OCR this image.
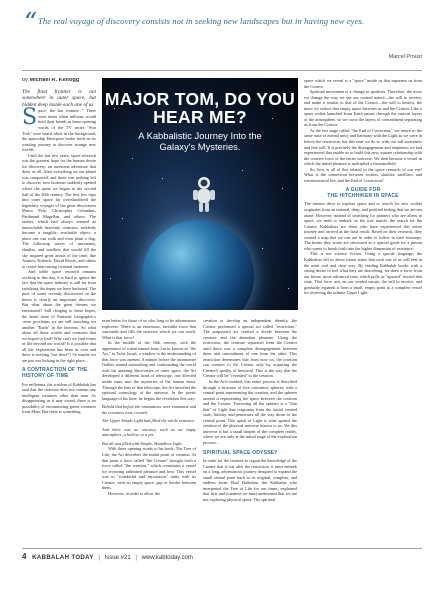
“ The real voyage of discovery consists not in seeking new landscapes but in having new eyes.
Marcel Proust
by Michael R. Kellogg

The final frontier is not somewhere in outer space, but hidden deep inside each one of us

Space, the last frontier..." There were times when millions would hold their breath as these opening words of the TV series "Star Trek" were heard while in the background, the spaceship Enterprise broke forth on its winding journey to discover strange new worlds.

Until the last few years, space research was the greatest hope for the human desire for discovery: an awesome adventure that drew us all. After everything on our planet was conquered, and there was nothing left to discover, new horizons suddenly opened where the quest we began in the second half of the 20th century. The first few trips into outer space far overshadowed the legendary voyages of the great discoverers Marco Polo, Christopher Columbus, Ferdinand Magellan, and others. The stories, which had always seemed as untouchable heavenly creatures, suddenly become a tangible, reachable object, a place one can walk and even plant a flag. The following waves of astronauts, shuttles, and satellites that would fill the sky inspired great artists of the time, like Asimov, Kubrick, David Bowie, and others to create hair-raising fictional fantasies.

And while space research remains exciting to this day, it is hard to ignore the fact that the space industry is still far from satisfying the hopes we have harbored. The pool of water recently discovered on the moon is clearly an important discovery. But what about the great dreams we envisioned? Still clinging to these hopes, the latest issue of National Geographic's cover proclaims we are still searching for another "Earth" in the heavens. So what about all those worlds and creatures that we hoped to find? Why can't we find forms of life beyond our world? Is it possible that all the exploration has been in vain and there is nothing "out there"? Or maybe we are just not looking in the right place...

A CONTRACTION OF THE HISTORY OF TIME

For millennia, the wisdom of Kabbalah has said that the universe does not contain any intelligent creatures other than man. As disappointing as it may sound, there is no possibility of encountering green creatures from Mars. But there is something

MAJOR TOM, DO YOU
HEAR ME?
A Kabbalistic Journey Into the
Galaxy's Mysteries.

even better for those of us who long to be adventurous explorers: There is an enormous, invisible force that surrounds and fills the universe which we can reach. What is that force?

In the middle of the 16th century, with the appearance of a man named Isaac Luria, known as "the Ari," in Tzfat, Israel, a window to the understanding of that force was opened. A minute before the astronomer Galileo started astonishing and confounding the world with his amazing discoveries of outer space, the Ari developed a different kind of telescope, one directed inside man, into the mysteries of the human heart. Through the lens of that telescope, the Ari unveiled the spiritual cosmology of the universe. In the poetic language of his time, he begins the revelation this way:

Behold that before the emanations were emanated and the creatures were created,

The Upper Simple Light had filled the whole existence.

And there was no vacancy, such as an empty atmosphere, a hollow, or a pit,

But all was filled with Simple, Boundless Light.

With these opening words to his book, The Tree of Life, the Ari describes the initial point of creation. At that point a force called "the Creator" brought forth a force called "the creation," which constitutes a vessel for receiving unlimited pleasure and love. This vessel was in "wonderful and mysterious" unity with its Creator, with no empty space, gap or border between them.

However, in order to allow the

creation to develop an independent identity, the Creator performed a special act called "restriction." The purposeful act created a divide between the creature and the abundant pleasure. Using the restriction, the creature separated from the Creator until there was a complete disengagement between them and concealment of one from the other. This restriction determines that from now on, the creation can connect to the Creator only by acquiring the Creator's quality of bestowal. This is the way that the Creator will be "revealed" to the creation.

In the Ari's method, this entire process is described through a structure of five concentric spheres, with a central point representing the creation, and the spheres around it representing the space between the creation and the Creator. Traversing all the spheres is a "thin line" of Light that originates from the initial created state, Infinity, and penetrates all the way down to the central point. This spark of Light is what ignited the creation of the physical universe known to us. Yet this universe is but a small droplet of the complete reality, where we are only at the initial stage of the exploration process...

SPIRITUAL SPACE ODYSSEY

In order for the creature to regain the knowledge of the Creator that it lost after the restriction, it must embark on a long, adventurous journey designed to expand the small central point back to its original, complete, and endless form. Baal HaSulam, the Kabbalist who interpreted the Tree of Life for our times, explained that first and foremost we must understand that we are not exploring physical space. The spiritual

space which we reveal is a "space" inside us that separates us from the Creator.

Spiritual movement is a change in qualities. Therefore, the more we change the way we use our created nature—the will to receive, and make it similar to that of the Creator—the will to bestow, the more we reduce that empty space between us and the Creator. Like a space rocket launched from Earth passes through the various layers of the atmosphere, so we cross the layers of concealment separating us from the Creator.

At the last stage called "the End of Correction," we return to the same state of eternal unity and harmony with the Light as we were in before the restriction, but this time we do so with our full awareness and free will. It is precisely the disengagement and emptiness we had experienced that enable us to build this new, mature relationship with the creative force of the entire universe. We then become a vessel in which the initial pleasure is multiplied a thousandfold.

So, how is all of this related to the space research of our era? What is the connection between rockets, shuttles, satellites, and extraterrestrial life, and the End of Correction?

A GUIDE FOR
THE HITCHHIKER IN SPACE

The intense drive to explore space and to search for new worlds originates from an internal, deep, and justified feeling that we are not alone. However, instead of searching for partners who are aliens in space, we need to embark on the true search: the search for the Creator. Kabbalists are those who have experienced this entire journey and arrived at the final result. Based on their research, they created a map that we can use in order to follow in their footsteps. The books they wrote are structured as a special guide for a person who wants to break forth into the higher dimension of existence.

This is not science fiction. Using a special language, the Kabbalists tell us about future states that each one of us will feel in the most real and clear way. By reading Kabbalah books with a strong desire to feel what they are describing, we draw a force from our future, more advanced state, which pulls us "upward" toward that state. That force acts on our created nature, the will to receive, and gradually expands it from a small, empty point to a complete vessel for receiving the infinite Upper Light.

4 KABBALAH TODAY | Issue #21 | www.kabtoday.com
